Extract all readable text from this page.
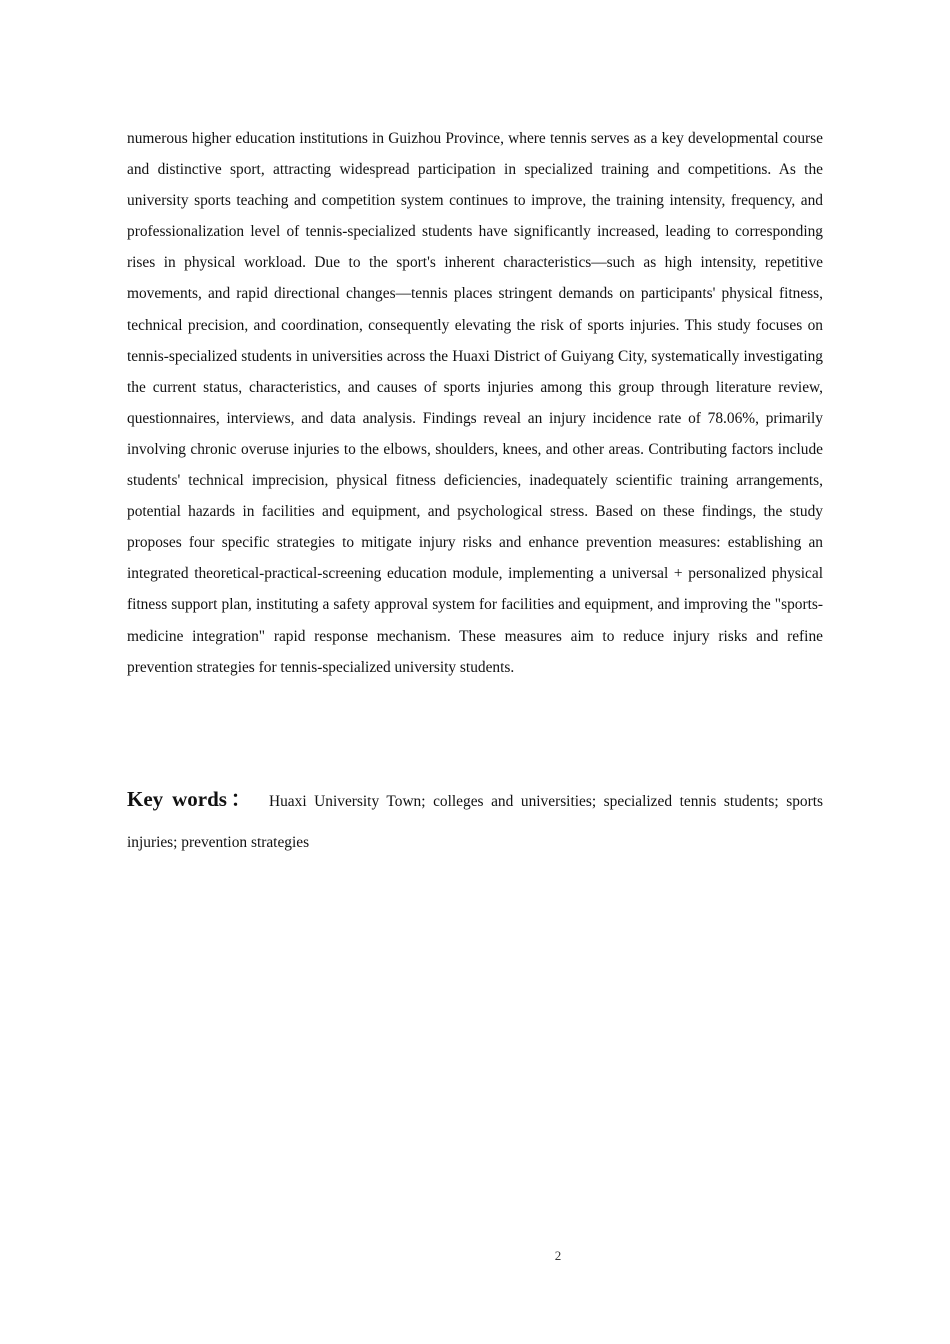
numerous higher education institutions in Guizhou Province, where tennis serves as a key developmental course and distinctive sport, attracting widespread participation in specialized training and competitions. As the university sports teaching and competition system continues to improve, the training intensity, frequency, and professionalization level of tennis-specialized students have significantly increased, leading to corresponding rises in physical workload. Due to the sport's inherent characteristics—such as high intensity, repetitive movements, and rapid directional changes—tennis places stringent demands on participants' physical fitness, technical precision, and coordination, consequently elevating the risk of sports injuries. This study focuses on tennis-specialized students in universities across the Huaxi District of Guiyang City, systematically investigating the current status, characteristics, and causes of sports injuries among this group through literature review, questionnaires, interviews, and data analysis. Findings reveal an injury incidence rate of 78.06%, primarily involving chronic overuse injuries to the elbows, shoulders, knees, and other areas. Contributing factors include students' technical imprecision, physical fitness deficiencies, inadequately scientific training arrangements, potential hazards in facilities and equipment, and psychological stress. Based on these findings, the study proposes four specific strategies to mitigate injury risks and enhance prevention measures: establishing an integrated theoretical-practical-screening education module, implementing a universal + personalized physical fitness support plan, instituting a safety approval system for facilities and equipment, and improving the "sports-medicine integration" rapid response mechanism. These measures aim to reduce injury risks and refine prevention strategies for tennis-specialized university students.

Key words： Huaxi University Town; colleges and universities; specialized tennis students; sports injuries; prevention strategies

2
